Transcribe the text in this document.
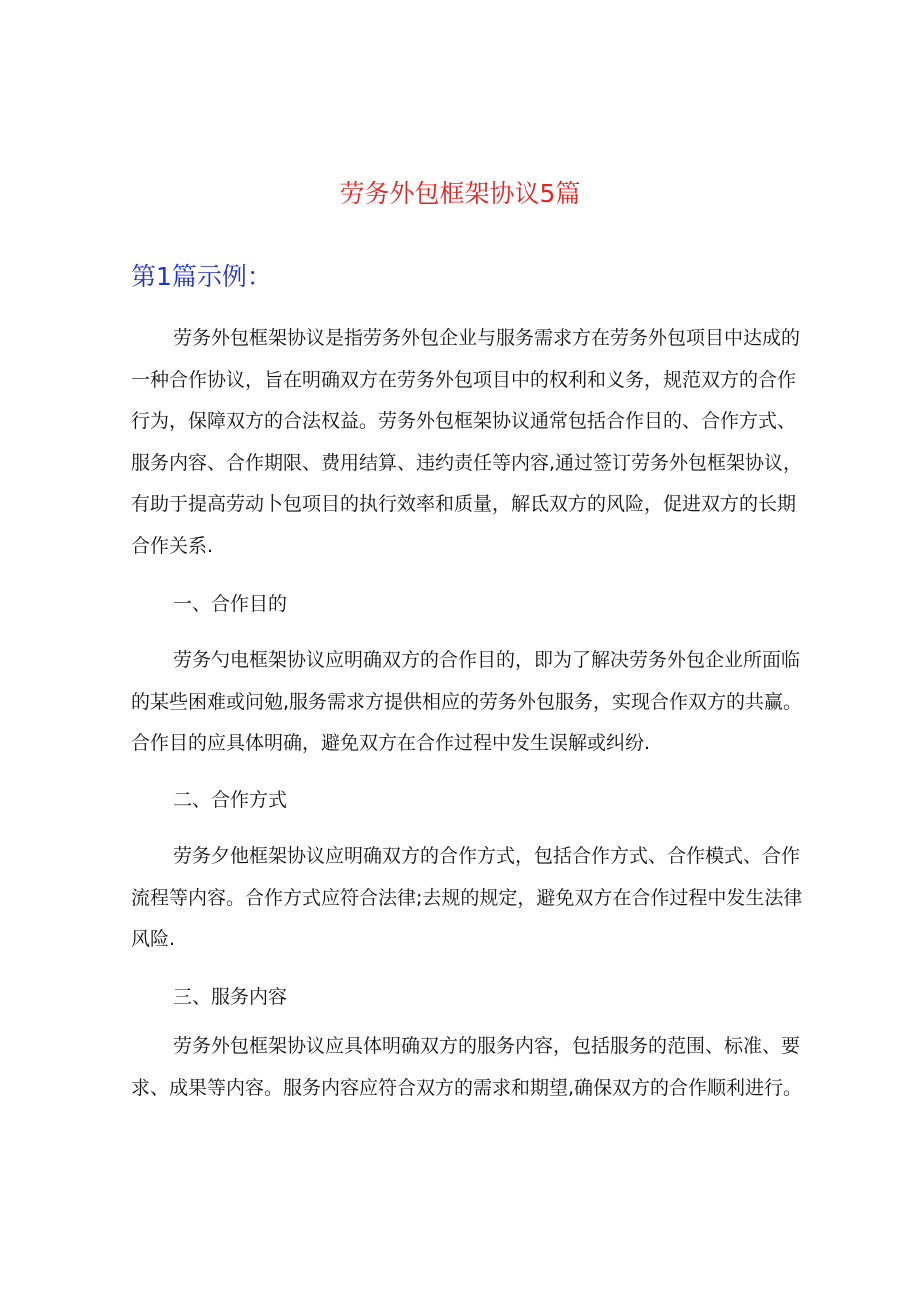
劳务外包框架协议5篇
第1篇示例：

劳务外包框架协议是指劳务外包企业与服务需求方在劳务外包项目中达成的一种合作协议，旨在明确双方在劳务外包项目中的权利和义务，规范双方的合作行为，保障双方的合法权益。劳务外包框架协议通常包括合作目的、合作方式、服务内容、合作期限、费用结算、违约责任等内容,通过签订劳务外包框架协议，有助于提高劳动卜包项目的执行效率和质量，解氐双方的风险，促进双方的长期合作关系.

一、合作目的

劳务勺电框架协议应明确双方的合作目的，即为了解决劳务外包企业所面临的某些困难或问勉,服务需求方提供相应的劳务外包服务，实现合作双方的共赢。合作目的应具体明确，避免双方在合作过程中发生误解或纠纷.

二、合作方式

劳务夕他框架协议应明确双方的合作方式，包括合作方式、合作模式、合作流程等内容。合作方式应符合法律;去规的规定，避免双方在合作过程中发生法律风险.

三、服务内容

劳务外包框架协议应具体明确双方的服务内容，包括服务的范围、标准、要求、成果等内容。服务内容应符合双方的需求和期望,确保双方的合作顺利进行。
